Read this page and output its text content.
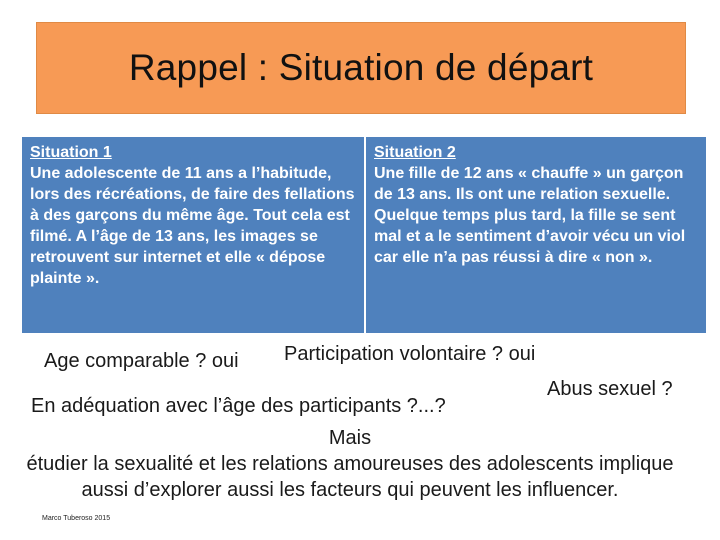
Rappel : Situation de départ
Situation 1
Une adolescente de 11 ans a l’habitude, lors des récréations, de faire des fellations à des garçons du même âge. Tout cela est filmé. A l’âge de 13 ans, les images se retrouvent sur internet et elle « dépose plainte ».
Situation 2
Une fille de 12 ans « chauffe » un garçon de 13 ans. Ils ont une relation sexuelle. Quelque temps plus tard, la fille se sent mal et a le sentiment d’avoir vécu un viol car elle n’a pas réussi à dire « non ».
Age comparable ? oui Participation volontaire ? oui
Abus sexuel ?
En adéquation avec l’âge des participants ?...?
Mais
étudier la sexualité et les relations amoureuses des adolescents implique aussi d’explorer aussi les facteurs qui peuvent les influencer.
Marco Tuberoso 2015
